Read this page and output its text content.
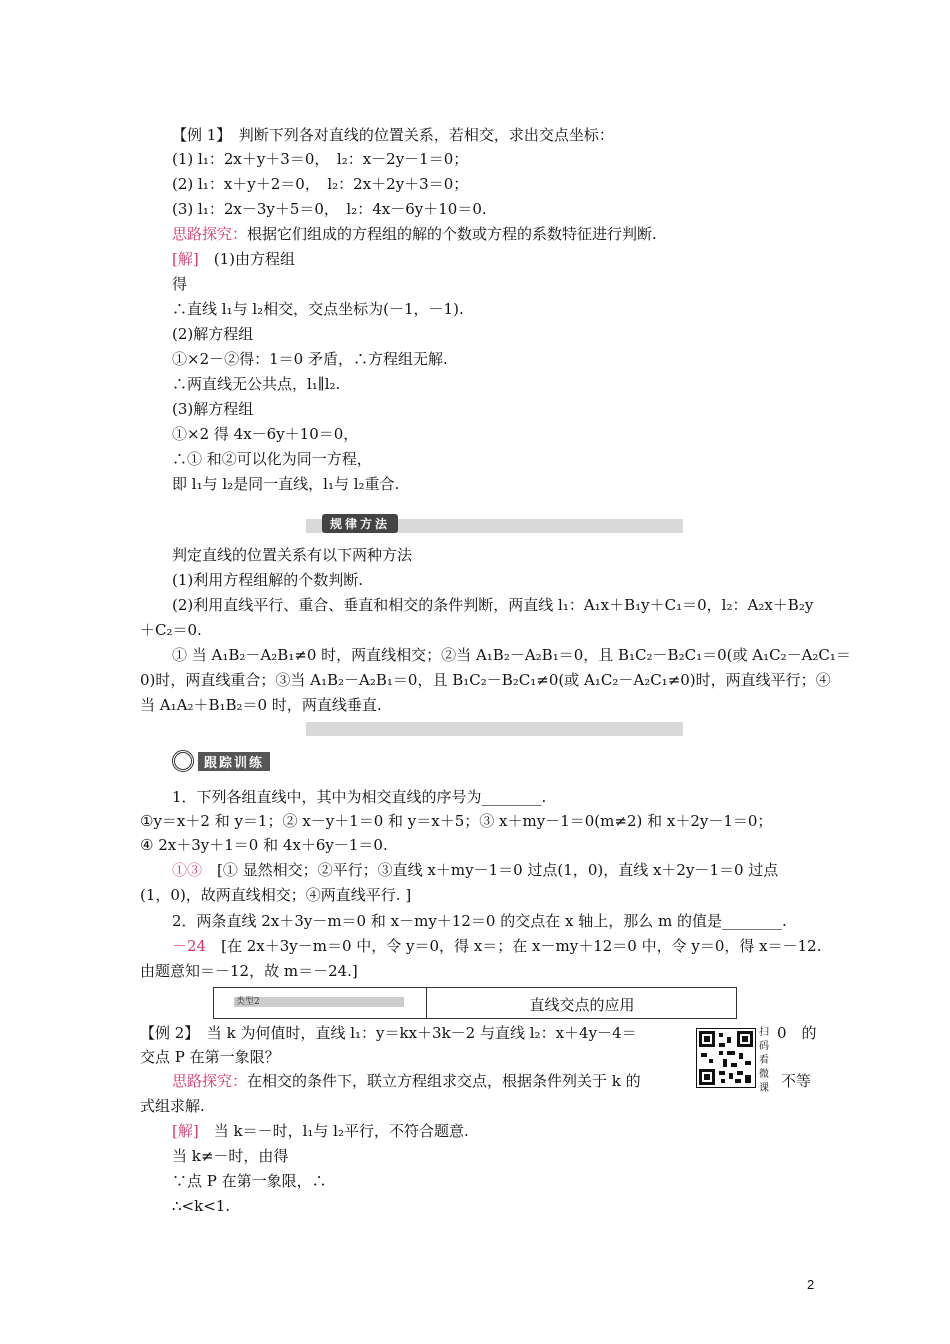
【例 1】　判断下列各对直线的位置关系，若相交，求出交点坐标：
(1) l₁：2x＋y＋3＝0，　l₂：x－2y－1＝0；
(2) l₁：x＋y＋2＝0，　l₂：2x＋2y＋3＝0；
(3) l₁：2x－3y＋5＝0，　l₂：4x－6y＋10＝0.
思路探究：根据它们组成的方程组的解的个数或方程的系数特征进行判断.
[解]　 (1)由方程组
得
∴直线 l₁与 l₂相交，交点坐标为(－1，－1).
(2)解方程组
①×2－②得：1＝0 矛盾，∴方程组无解.
∴两直线无公共点，l₁∥l₂.
(3)解方程组
①×2 得 4x－6y＋10＝0，
∴① 和②可以化为同一方程，
即 l₁与 l₂是同一直线，l₁与 l₂重合.
规律方法
判定直线的位置关系有以下两种方法
(1)利用方程组解的个数判断.
(2)利用直线平行、重合、垂直和相交的条件判断，两直线 l₁：A₁x＋B₁y＋C₁＝0，l₂：A₂x＋B₂y
＋C₂＝0.
① 当 A₁B₂－A₂B₁≠0 时，两直线相交；②当 A₁B₂－A₂B₁＝0，且 B₁C₂－B₂C₁＝0(或 A₁C₂－A₂C₁＝
0)时，两直线重合；③当 A₁B₂－A₂B₁＝0，且 B₁C₂－B₂C₁≠0(或 A₁C₂－A₂C₁≠0)时，两直线平行；④
当 A₁A₂＋B₁B₂＝0 时，两直线垂直.
跟踪训练
1．下列各组直线中，其中为相交直线的序号为________.
①y＝x＋2 和 y＝1；② x－y＋1＝0 和 y＝x＋5；③ x＋my－1＝0(m≠2) 和 x＋2y－1＝0；
④ 2x＋3y＋1＝0 和 4x＋6y－1＝0.
①③　[① 显然相交；②平行；③直线 x＋my－1＝0 过点(1，0)，直线 x＋2y－1＝0 过点
(1，0)，故两直线相交；④两直线平行. ]
2．两条直线 2x＋3y－m＝0 和 x－my＋12＝0 的交点在 x 轴上，那么 m 的值是________.
－24　[在 2x＋3y－m＝0 中，令 y＝0，得 x＝；在 x－my＋12＝0 中，令 y＝0，得 x＝－12.
由题意知＝－12，故 m＝－24.]
类型2	直线交点的应用
【例 2】　当 k 为何值时，直线 l₁：y＝kx＋3k－2 与直线 l₂：x＋4y－4＝	0　的
交点 P 在第一象限？
思路探究：在相交的条件下，联立方程组求交点，根据条件列关于 k 的	不等
式组求解.
扫码看微课
[解]　当 k＝－时，l₁与 l₂平行，不符合题意.
当 k≠－时，由得
∵点 P 在第一象限，∴
∴<k<1.
2
